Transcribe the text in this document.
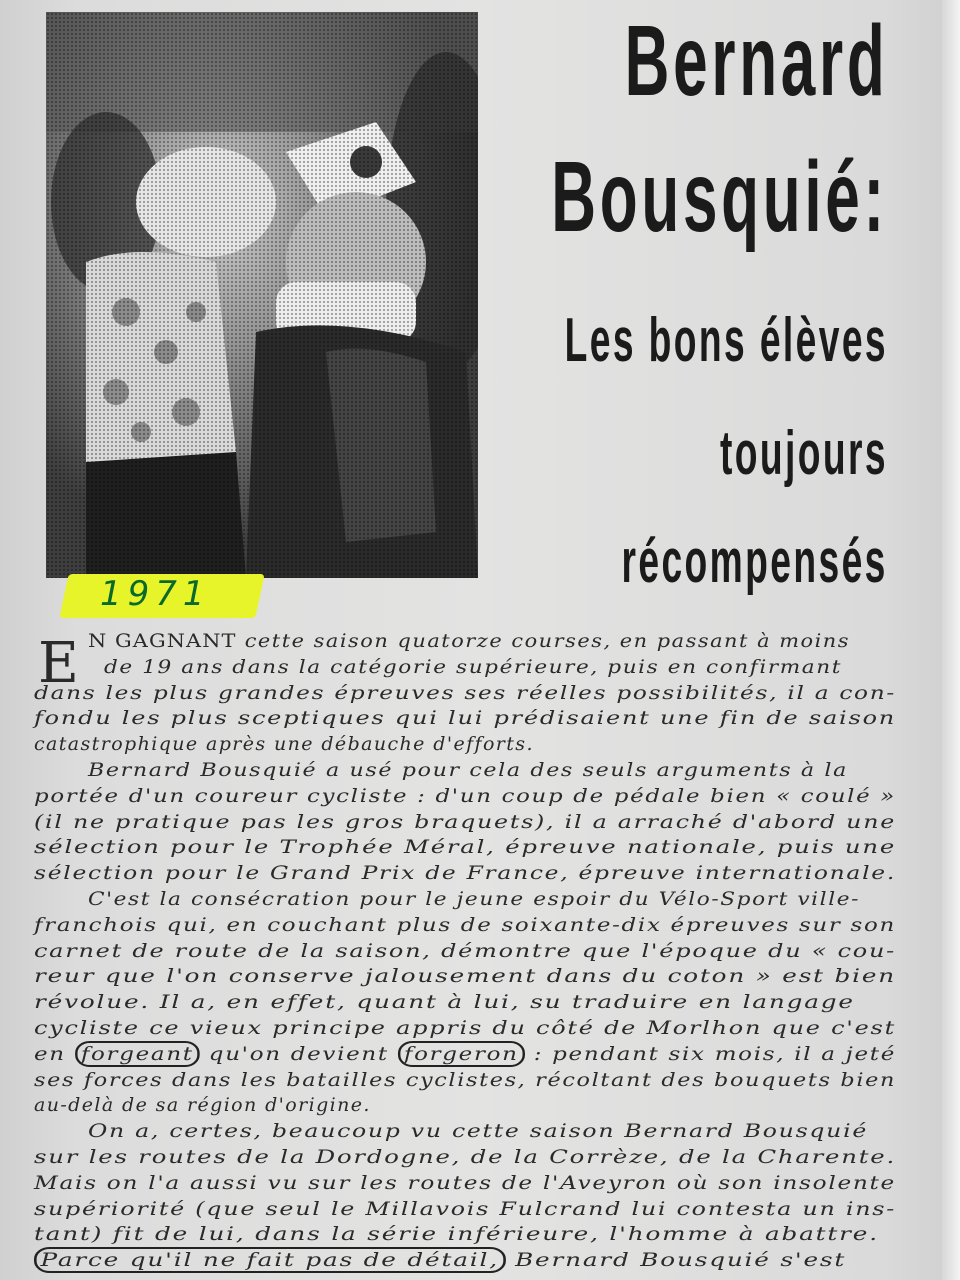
Bernard
Bousquié:
Les bons élèves
toujours
récompensés
1971
E N GAGNANT cette saison quatorze courses, en passant à moins
de 19 ans dans la catégorie supérieure, puis en confirmant
dans les plus grandes épreuves ses réelles possibilités, il a con-
fondu les plus sceptiques qui lui prédisaient une fin de saison
catastrophique après une débauche d'efforts.
Bernard Bousquié a usé pour cela des seuls arguments à la
portée d'un coureur cycliste : d'un coup de pédale bien « coulé »
(il ne pratique pas les gros braquets), il a arraché d'abord une
sélection pour le Trophée Méral, épreuve nationale, puis une
sélection pour le Grand Prix de France, épreuve internationale.
C'est la consécration pour le jeune espoir du Vélo-Sport ville-
franchois qui, en couchant plus de soixante-dix épreuves sur son
carnet de route de la saison, démontre que l'époque du « cou-
reur que l'on conserve jalousement dans du coton » est bien
révolue. Il a, en effet, quant à lui, su traduire en langage
cycliste ce vieux principe appris du côté de Morlhon que c'est
en forgeant qu'on devient forgeron : pendant six mois, il a jeté
ses forces dans les batailles cyclistes, récoltant des bouquets bien
au-delà de sa région d'origine.
On a, certes, beaucoup vu cette saison Bernard Bousquié
sur les routes de la Dordogne, de la Corrèze, de la Charente.
Mais on l'a aussi vu sur les routes de l'Aveyron où son insolente
supériorité (que seul le Millavois Fulcrand lui contesta un ins-
tant) fit de lui, dans la série inférieure, l'homme à abattre.
Parce qu'il ne fait pas de détail, Bernard Bousquié s'est
